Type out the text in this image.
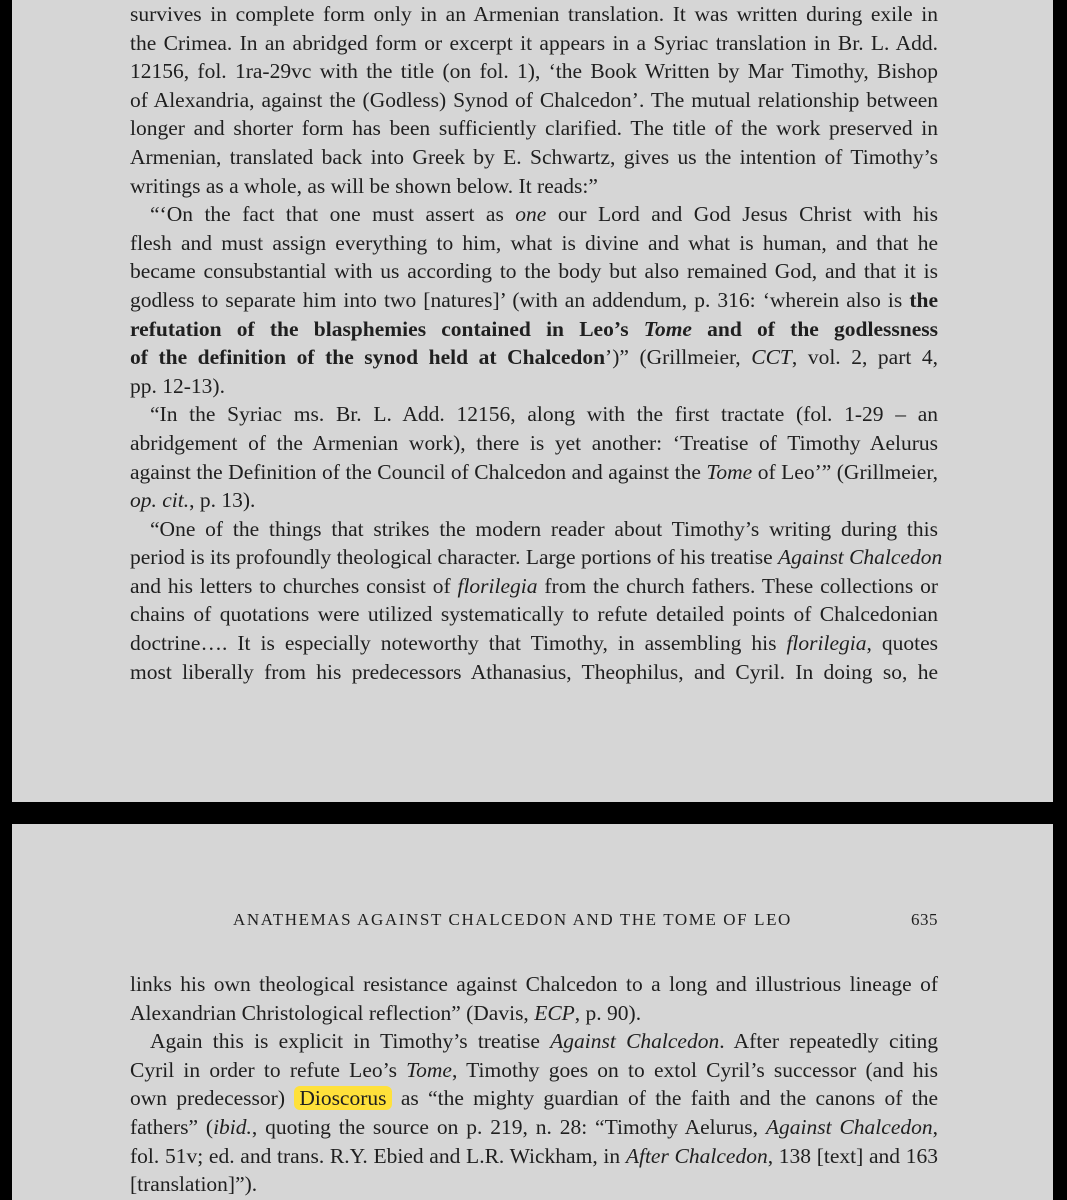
survives in complete form only in an Armenian translation. It was written during exile in
the Crimea. In an abridged form or excerpt it appears in a Syriac translation in Br. L. Add.
12156, fol. 1ra-29vc with the title (on fol. 1), ‘the Book Written by Mar Timothy, Bishop
of Alexandria, against the (Godless) Synod of Chalcedon’. The mutual relationship between
longer and shorter form has been sufficiently clarified. The title of the work preserved in
Armenian, translated back into Greek by E. Schwartz, gives us the intention of Timothy’s
writings as a whole, as will be shown below. It reads:”
“‘On the fact that one must assert as one our Lord and God Jesus Christ with his
flesh and must assign everything to him, what is divine and what is human, and that he
became consubstantial with us according to the body but also remained God, and that it is
godless to separate him into two [natures]’ (with an addendum, p. 316: ‘wherein also is the
refutation of the blasphemies contained in Leo’s Tome and of the godlessness
of the definition of the synod held at Chalcedon’)” (Grillmeier, CCT, vol. 2, part 4,
pp. 12-13).
“In the Syriac ms. Br. L. Add. 12156, along with the first tractate (fol. 1-29 – an
abridgement of the Armenian work), there is yet another: ‘Treatise of Timothy Aelurus
against the Definition of the Council of Chalcedon and against the Tome of Leo’” (Grillmeier,
op. cit., p. 13).
“One of the things that strikes the modern reader about Timothy’s writing during this
period is its profoundly theological character. Large portions of his treatise Against Chalcedon
and his letters to churches consist of florilegia from the church fathers. These collections or
chains of quotations were utilized systematically to refute detailed points of Chalcedonian
doctrine…. It is especially noteworthy that Timothy, in assembling his florilegia, quotes
most liberally from his predecessors Athanasius, Theophilus, and Cyril. In doing so, he
ANATHEMAS AGAINST CHALCEDON AND THE TOME OF LEO	635
links his own theological resistance against Chalcedon to a long and illustrious lineage of
Alexandrian Christological reflection” (Davis, ECP, p. 90).
Again this is explicit in Timothy’s treatise Against Chalcedon. After repeatedly citing
Cyril in order to refute Leo’s Tome, Timothy goes on to extol Cyril’s successor (and his
own predecessor) Dioscorus as “the mighty guardian of the faith and the canons of the
fathers” (ibid., quoting the source on p. 219, n. 28: “Timothy Aelurus, Against Chalcedon,
fol. 51v; ed. and trans. R.Y. Ebied and L.R. Wickham, in After Chalcedon, 138 [text] and 163
[translation]”).
